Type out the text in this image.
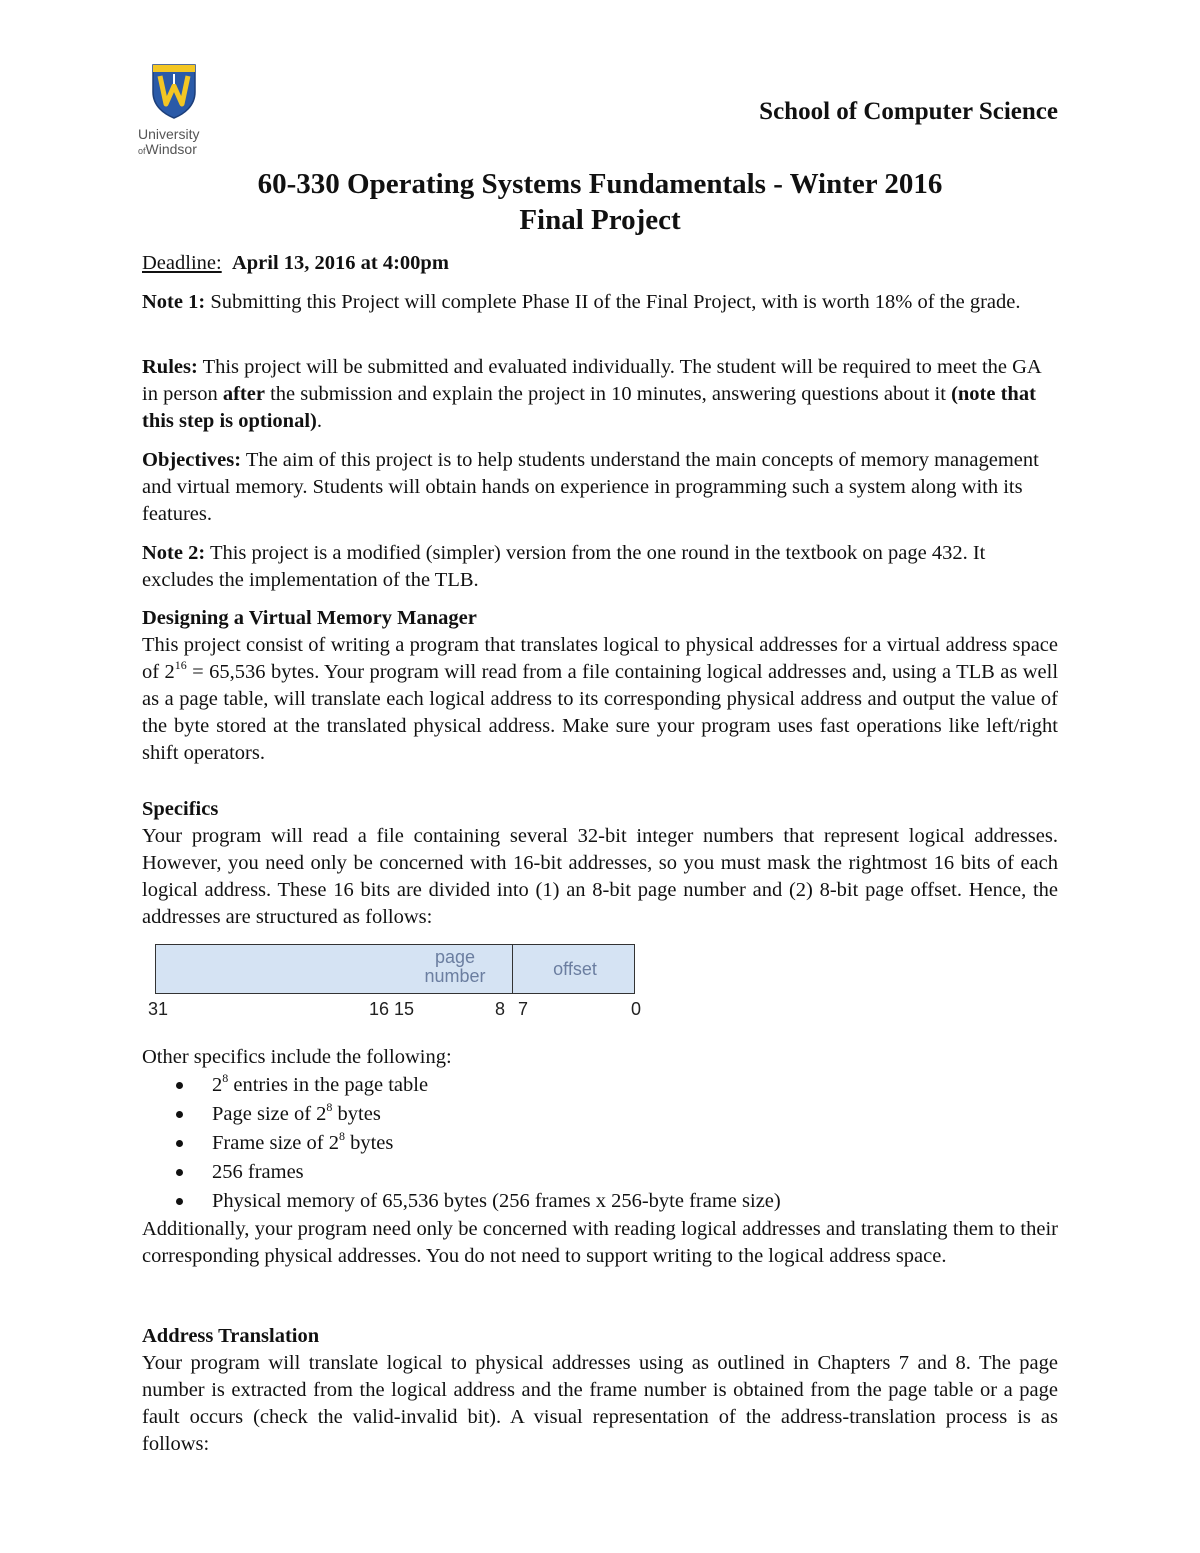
University
ofWindsor
School of Computer Science
60-330 Operating Systems Fundamentals - Winter 2016
Final Project

Deadline: April 13, 2016 at 4:00pm

Note 1: Submitting this Project will complete Phase II of the Final Project, with is worth 18% of the grade.

Rules: This project will be submitted and evaluated individually. The student will be required to meet the GA in person after the submission and explain the project in 10 minutes, answering questions about it (note that this step is optional).

Objectives: The aim of this project is to help students understand the main concepts of memory management and virtual memory. Students will obtain hands on experience in programming such a system along with its features.

Note 2: This project is a modified (simpler) version from the one round in the textbook on page 432. It excludes the implementation of the TLB.

Designing a Virtual Memory Manager

This project consist of writing a program that translates logical to physical addresses for a virtual address space of $2^{16} = 65,536$ bytes. Your program will read from a file containing logical addresses and, using a TLB as well as a page table, will translate each logical address to its corresponding physical address and output the value of the byte stored at the translated physical address. Make sure your program uses fast operations like left/right shift operators.

Specifics

Your program will read a file containing several 32-bit integer numbers that represent logical addresses. However, you need only be concerned with 16-bit addresses, so you must mask the rightmost 16 bits of each logical address. These 16 bits are divided into (1) an 8-bit page number and (2) 8-bit page offset. Hence, the addresses are structured as follows:

page
number	offset
31	16 15	8 7	0

Other specifics include the following:

$2^8$ entries in the page table
Page size of $2^8$ bytes
Frame size of $2^8$ bytes
256 frames
Physical memory of 65,536 bytes (256 frames x 256-byte frame size)

Additionally, your program need only be concerned with reading logical addresses and translating them to their corresponding physical addresses. You do not need to support writing to the logical address space.

Address Translation

Your program will translate logical to physical addresses using as outlined in Chapters 7 and 8. The page number is extracted from the logical address and the frame number is obtained from the page table or a page fault occurs (check the valid-invalid bit). A visual representation of the address-translation process is as follows:
